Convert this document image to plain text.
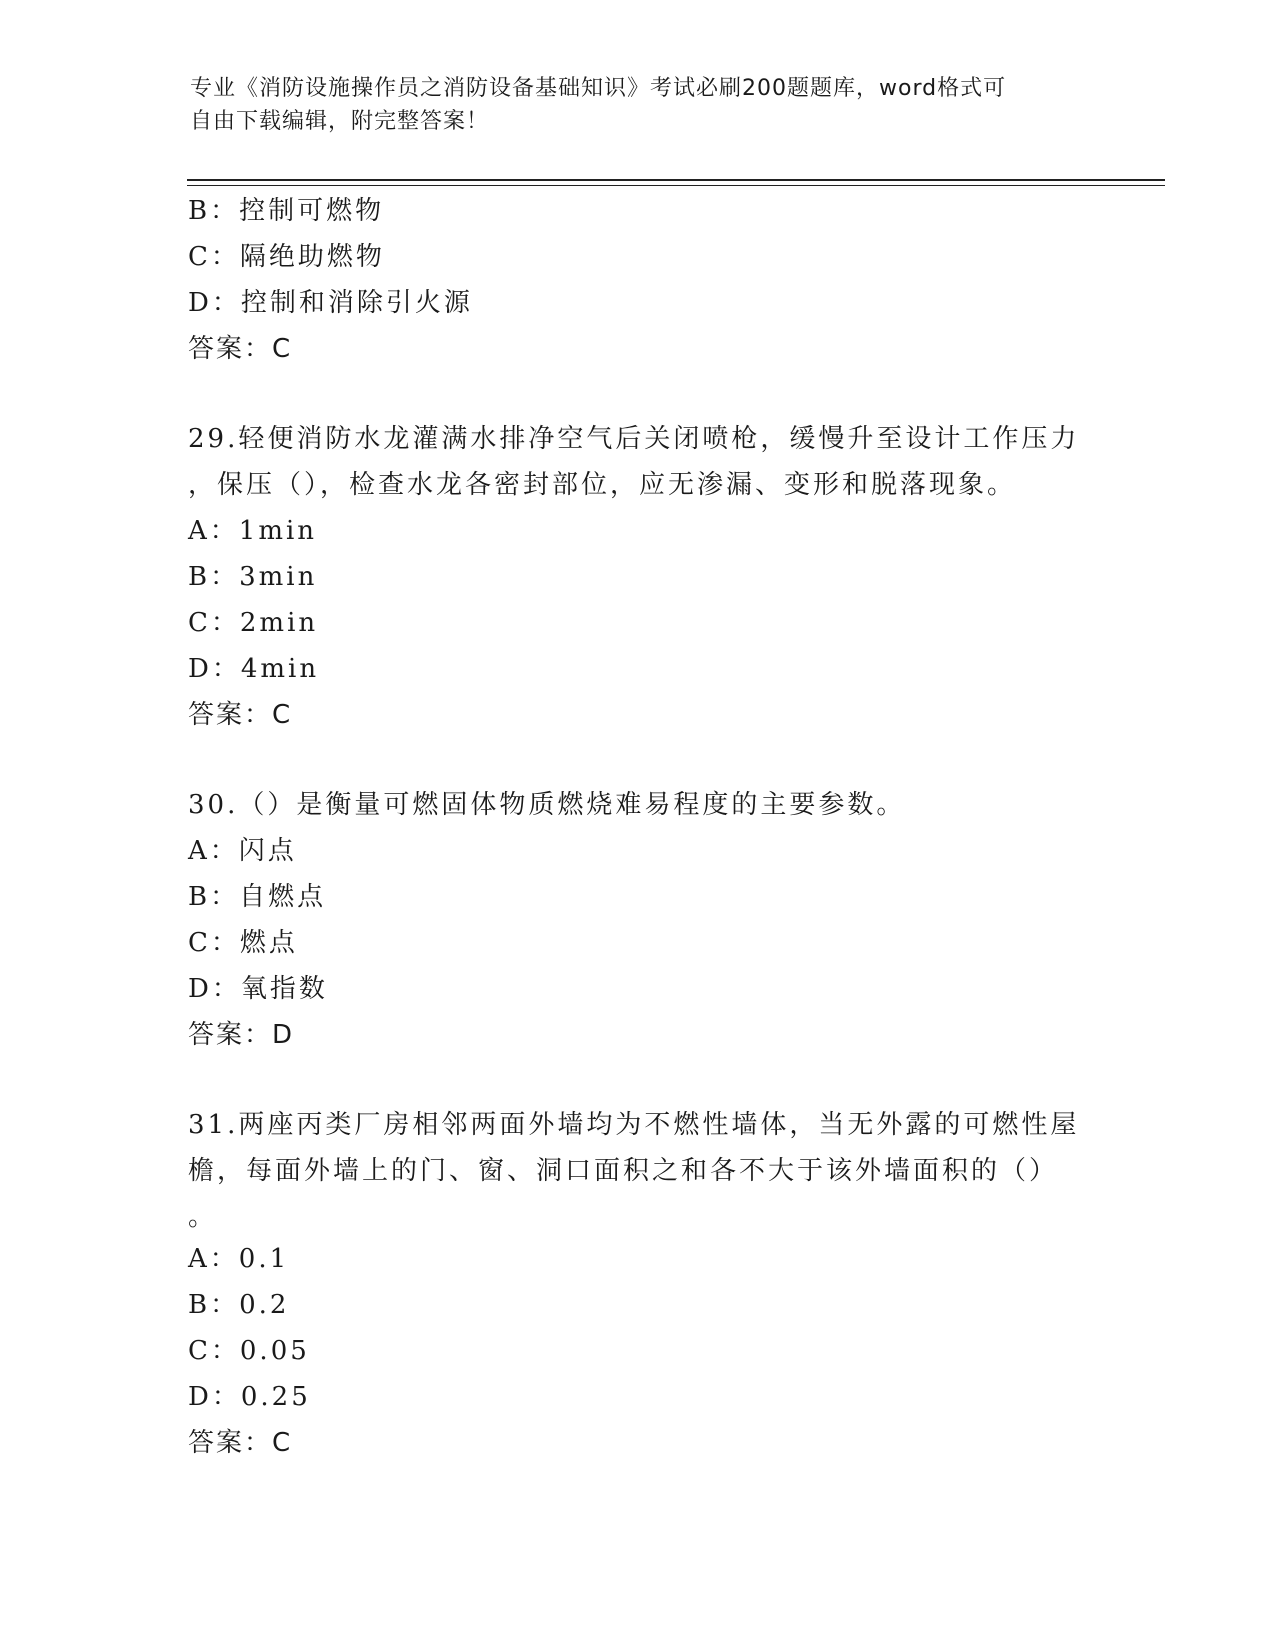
专业《消防设施操作员之消防设备基础知识》考试必刷200题题库，word格式可
自由下载编辑，附完整答案！
B：控制可燃物
C：隔绝助燃物
D：控制和消除引火源
答案：C
29.轻便消防水龙灌满水排净空气后关闭喷枪，缓慢升至设计工作压力
，保压（），检查水龙各密封部位，应无渗漏、变形和脱落现象。
A：1min
B：3min
C：2min
D：4min
答案：C
30.（）是衡量可燃固体物质燃烧难易程度的主要参数。
A：闪点
B：自燃点
C：燃点
D：氧指数
答案：D
31.两座丙类厂房相邻两面外墙均为不燃性墙体，当无外露的可燃性屋
檐，每面外墙上的门、窗、洞口面积之和各不大于该外墙面积的（）
。
A：0.1
B：0.2
C：0.05
D：0.25
答案：C
